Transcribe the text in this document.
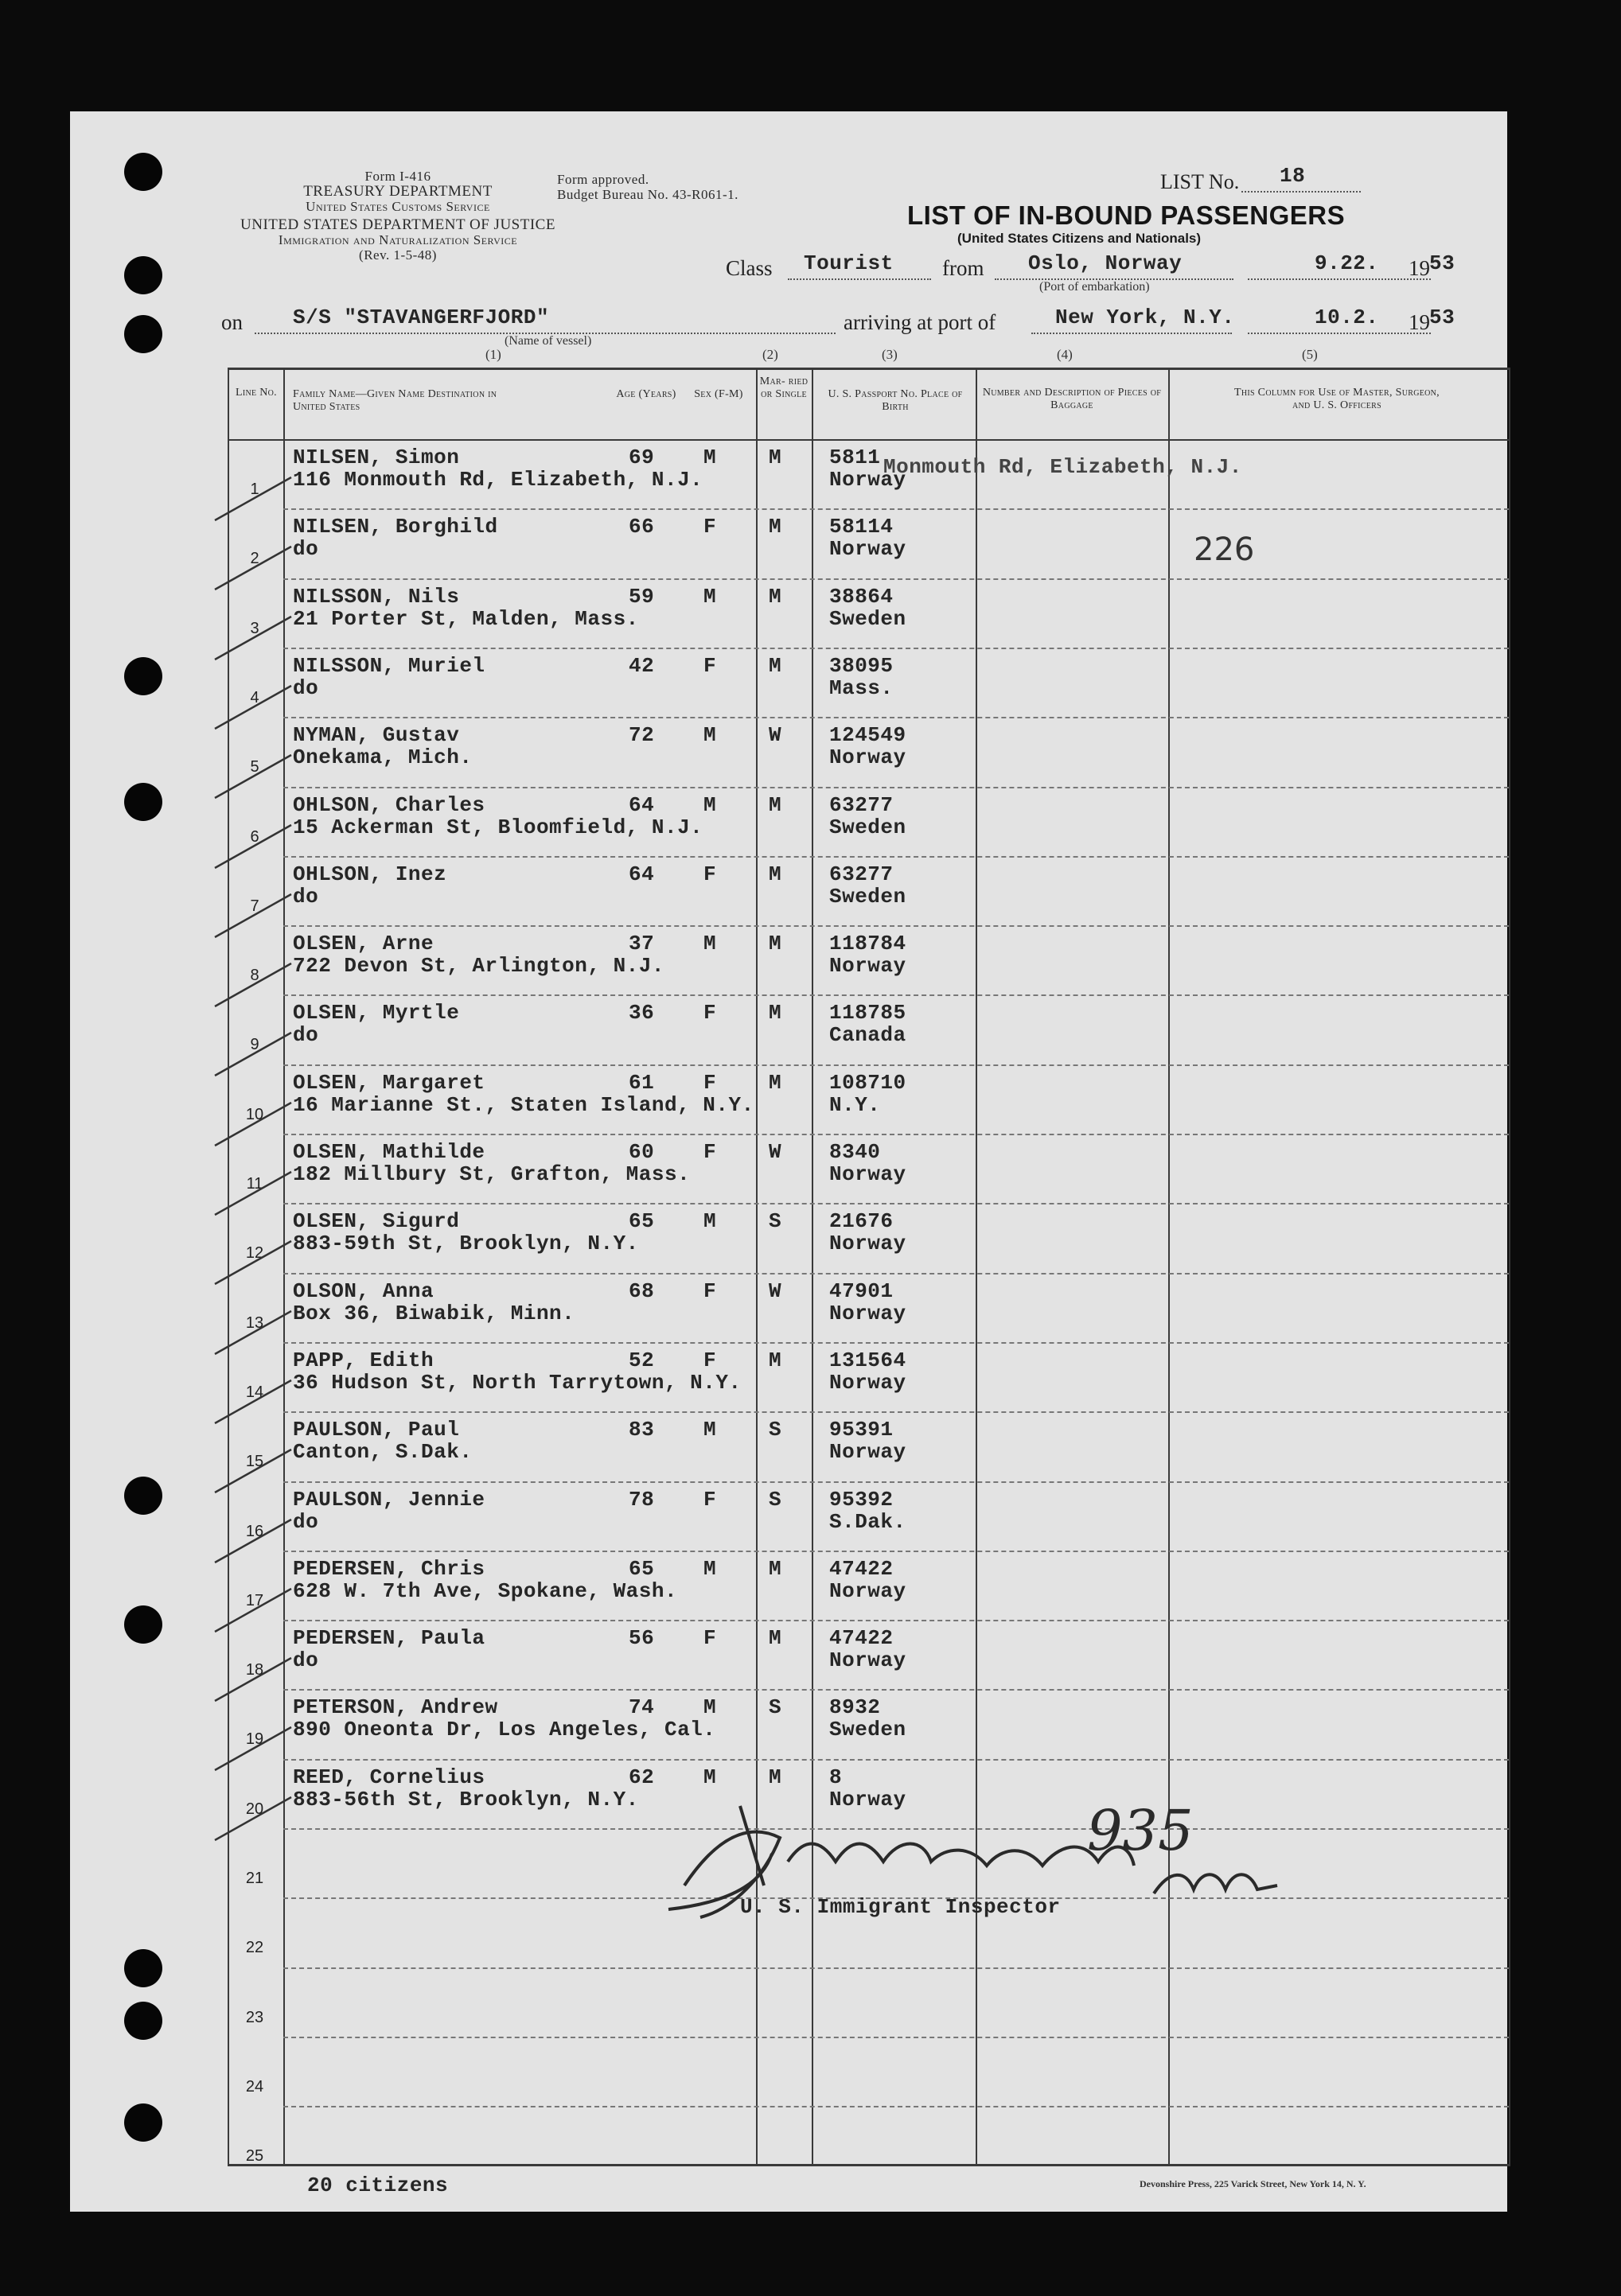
Form I-416
TREASURY DEPARTMENT
United States Customs Service
UNITED STATES DEPARTMENT OF JUSTICE
Immigration and Naturalization Service
(Rev. 1-5-48)
Form approved.
Budget Bureau No. 43-R061-1.
LIST No. 18
LIST OF IN-BOUND PASSENGERS
(United States Citizens and Nationals)
Class Tourist from Oslo, Norway	9.22. 19 53
(Port of embarkation)
on S/S "STAVANGERFJORD"
(Name of vessel)
arriving at port of	New York, N.Y.	10.2. 19 53
(1)	(2)	(3)	(4)	(5)
Line No.	Family Name—Given Name Destination in United States
Age (Years)	Sex (F-M)
Mar- ried or Single	U. S. Passport No. Place of Birth
Number and Description of Pieces of Baggage
This Column for Use of Master, Surgeon, and U. S. Officers
1
NILSEN, Simon
116 Monmouth Rd, Elizabeth, N.J.
69 M	M 5811
Norway
2
NILSEN, Borghild
do
66 F	M 58114
Norway
3
NILSSON, Nils
21 Porter St, Malden, Mass.
59 M	M 38864
Sweden
4
NILSSON, Muriel
do
42 F	M 38095
Mass.
5
NYMAN, Gustav
Onekama, Mich.
72 M	W 124549
Norway
6
OHLSON, Charles
15 Ackerman St, Bloomfield, N.J.
64 M	M 63277
Sweden
7
OHLSON, Inez
do
64 F	M 63277
Sweden
8
OLSEN, Arne
722 Devon St, Arlington, N.J.
37 M	M 118784
Norway
9
OLSEN, Myrtle
do
36 F	M 118785
Canada
10
OLSEN, Margaret
16 Marianne St., Staten Island, N.Y.
61 F	M 108710
N.Y.
11
OLSEN, Mathilde
182 Millbury St, Grafton, Mass.
60 F	W 8340
Norway
12
OLSEN, Sigurd
883-59th St, Brooklyn, N.Y.
65 M	S 21676
Norway
13
OLSON, Anna
Box 36, Biwabik, Minn.
68 F	W 47901
Norway
14
PAPP, Edith
36 Hudson St, North Tarrytown, N.Y.
52 F	M 131564
Norway
15
PAULSON, Paul
Canton, S.Dak.
83 M	S 95391
Norway
16
PAULSON, Jennie
do
78 F	S 95392
S.Dak.
17
PEDERSEN, Chris
628 W. 7th Ave, Spokane, Wash.
65 M	M 47422
Norway
18
PEDERSEN, Paula
do
56 F	M 47422
Norway
19
PETERSON, Andrew
890 Oneonta Dr, Los Angeles, Cal.
74 M	S 8932
Sweden
20
REED, Cornelius
883-56th St, Brooklyn, N.Y.
62 M	M 8
Norway
21
22
23
24
25
Monmouth Rd, Elizabeth, N.J.
226
935
U. S. Immigrant Inspector
20 citizens	Devonshire Press, 225 Varick Street, New York 14, N. Y.
